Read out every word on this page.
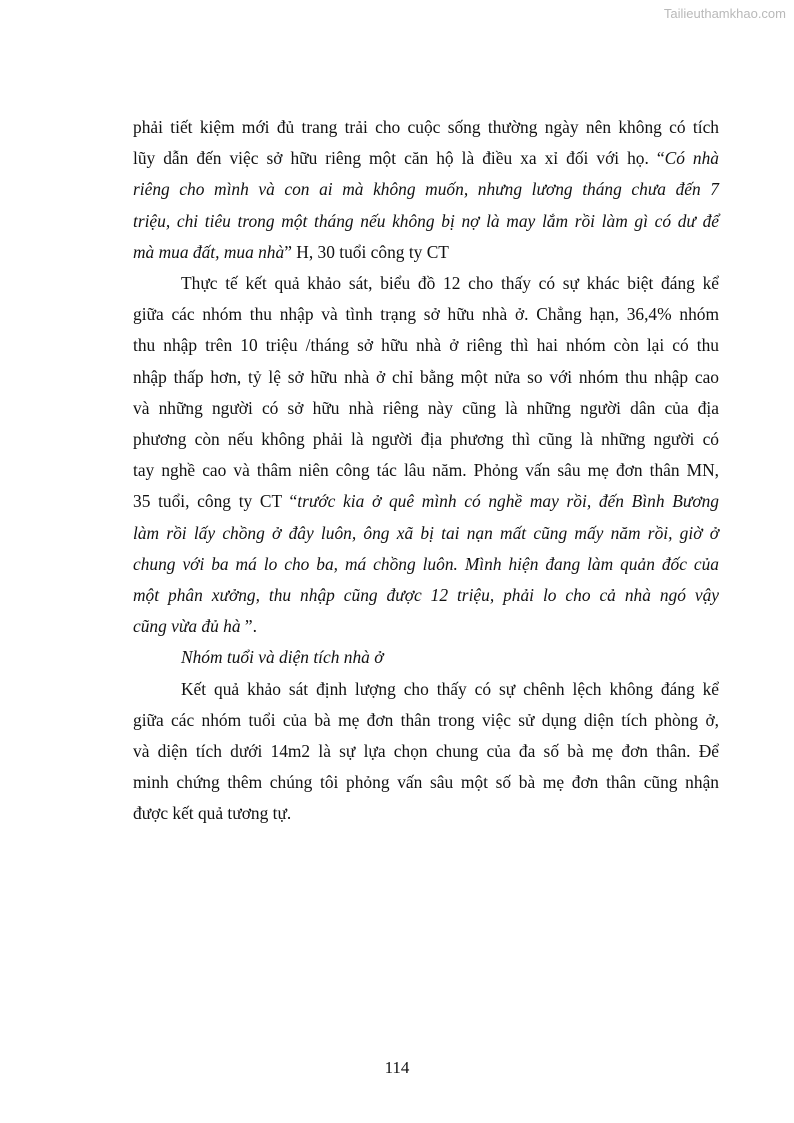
Tailieuthamkhao.com

phải tiết kiệm mới đủ trang trải cho cuộc sống thường ngày nên không có tích
lũy dẫn đến việc sở hữu riêng một căn hộ là điều xa xỉ đối với họ. “Có nhà
riêng cho mình và con ai mà không muốn, nhưng lương tháng chưa đến 7
triệu, chi tiêu trong một tháng nếu không bị nợ là may lắm rồi làm gì có dư để
mà mua đất, mua nhà” H, 30 tuổi công ty CT

Thực tế kết quả khảo sát, biểu đồ 12 cho thấy có sự khác biệt đáng kể

giữa các nhóm thu nhập và tình trạng sở hữu nhà ở. Chẳng hạn, 36,4% nhóm
thu nhập trên 10 triệu /tháng sở hữu nhà ở riêng thì hai nhóm còn lại có thu
nhập thấp hơn, tỷ lệ sở hữu nhà ở chỉ bằng một nửa so với nhóm thu nhập cao
và những người có sở hữu nhà riêng này cũng là những người dân của địa
phương còn nếu không phải là người địa phương thì cũng là những người có
tay nghề cao và thâm niên công tác lâu năm. Phỏng vấn sâu mẹ đơn thân MN,
35 tuổi, công ty CT “trước kia ở quê mình có nghề may rồi, đến Bình Bương
làm rồi lấy chồng ở đây luôn, ông xã bị tai nạn mất cũng mấy năm rồi, giờ ở
chung với ba má lo cho ba, má chồng luôn. Mình hiện đang làm quản đốc của
một phân xưởng, thu nhập cũng được 12 triệu, phải lo cho cả nhà ngó vậy
cũng vừa đủ hà ”.

Nhóm tuổi và diện tích nhà ở

Kết quả khảo sát định lượng cho thấy có sự chênh lệch không đáng kể

giữa các nhóm tuổi của bà mẹ đơn thân trong việc sử dụng diện tích phòng ở,
và diện tích dưới 14m2 là sự lựa chọn chung của đa số bà mẹ đơn thân. Để
minh chứng thêm chúng tôi phỏng vấn sâu một số bà mẹ đơn thân cũng nhận
được kết quả tương tự.

114
